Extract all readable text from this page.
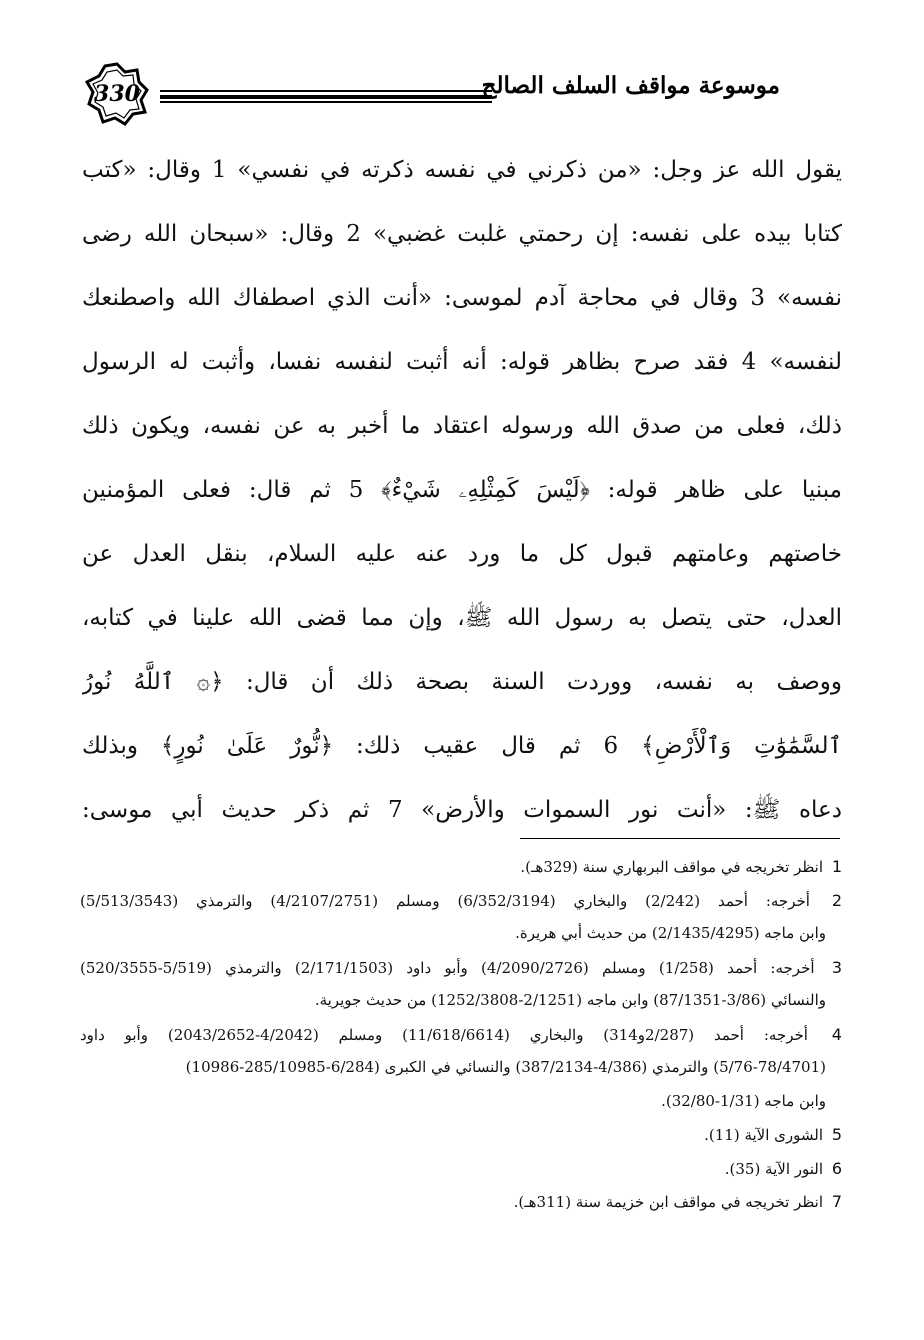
330	موسوعة مواقف السلف الصالح
يقول الله عز وجل: «من ذكرني في نفسه ذكرته في نفسي» 1 وقال: «كتب
كتابا بيده على نفسه: إن رحمتي غلبت غضبي» 2 وقال: «سبحان الله رضى
نفسه» 3 وقال في محاجة آدم لموسى: «أنت الذي اصطفاك الله واصطنعك
لنفسه» 4 فقد صرح بظاهر قوله: أنه أثبت لنفسه نفسا، وأثبت له الرسول
ذلك، فعلى من صدق الله ورسوله اعتقاد ما أخبر به عن نفسه، ويكون ذلك
مبنيا على ظاهر قوله: ﴿لَيْسَ كَمِثْلِهِۦ شَيْءٌ﴾ 5 ثم قال: فعلى المؤمنين
خاصتهم وعامتهم قبول كل ما ورد عنه عليه السلام، بنقل العدل عن
العدل، حتى يتصل به رسول الله ﷺ، وإن مما قضى الله علينا في كتابه،
ووصف به نفسه، ووردت السنة بصحة ذلك أن قال: ﴿۞ ٱللَّهُ نُورُ
ٱلسَّمَٰوَٰتِ وَٱلْأَرْضِ﴾ 6 ثم قال عقيب ذلك: ﴿نُّورٌ عَلَىٰ نُورٍ﴾ وبذلك
دعاه ﷺ: «أنت نور السموات والأرض» 7 ثم ذكر حديث أبي موسى:
1 انظر تخريجه في مواقف البربهاري سنة (329هـ).
2 أخرجه: أحمد (2/242) والبخاري (6/352/3194) ومسلم (4/2107/2751) والترمذي (5/513/3543)
وابن ماجه (2/1435/4295) من حديث أبي هريرة.
3 أخرجه: أحمد (1/258) ومسلم (4/2090/2726) وأبو داود (2/171/1503) والترمذي (5/519-520/3555)
والنسائي (3/86-87/1351) وابن ماجه (2/1251-1252/3808) من حديث جويرية.
4 أخرجه: أحمد (2/287و314) والبخاري (11/618/6614) ومسلم (4/2042-2043/2652) وأبو داود
(5/76-78/4701) والترمذي (4/386-387/2134) والنسائي في الكبرى (6/284-285/10985-10986)
وابن ماجه (1/31-32/80).
5 الشورى الآية (11).
6 النور الآية (35).
7 انظر تخريجه في مواقف ابن خزيمة سنة (311هـ).
